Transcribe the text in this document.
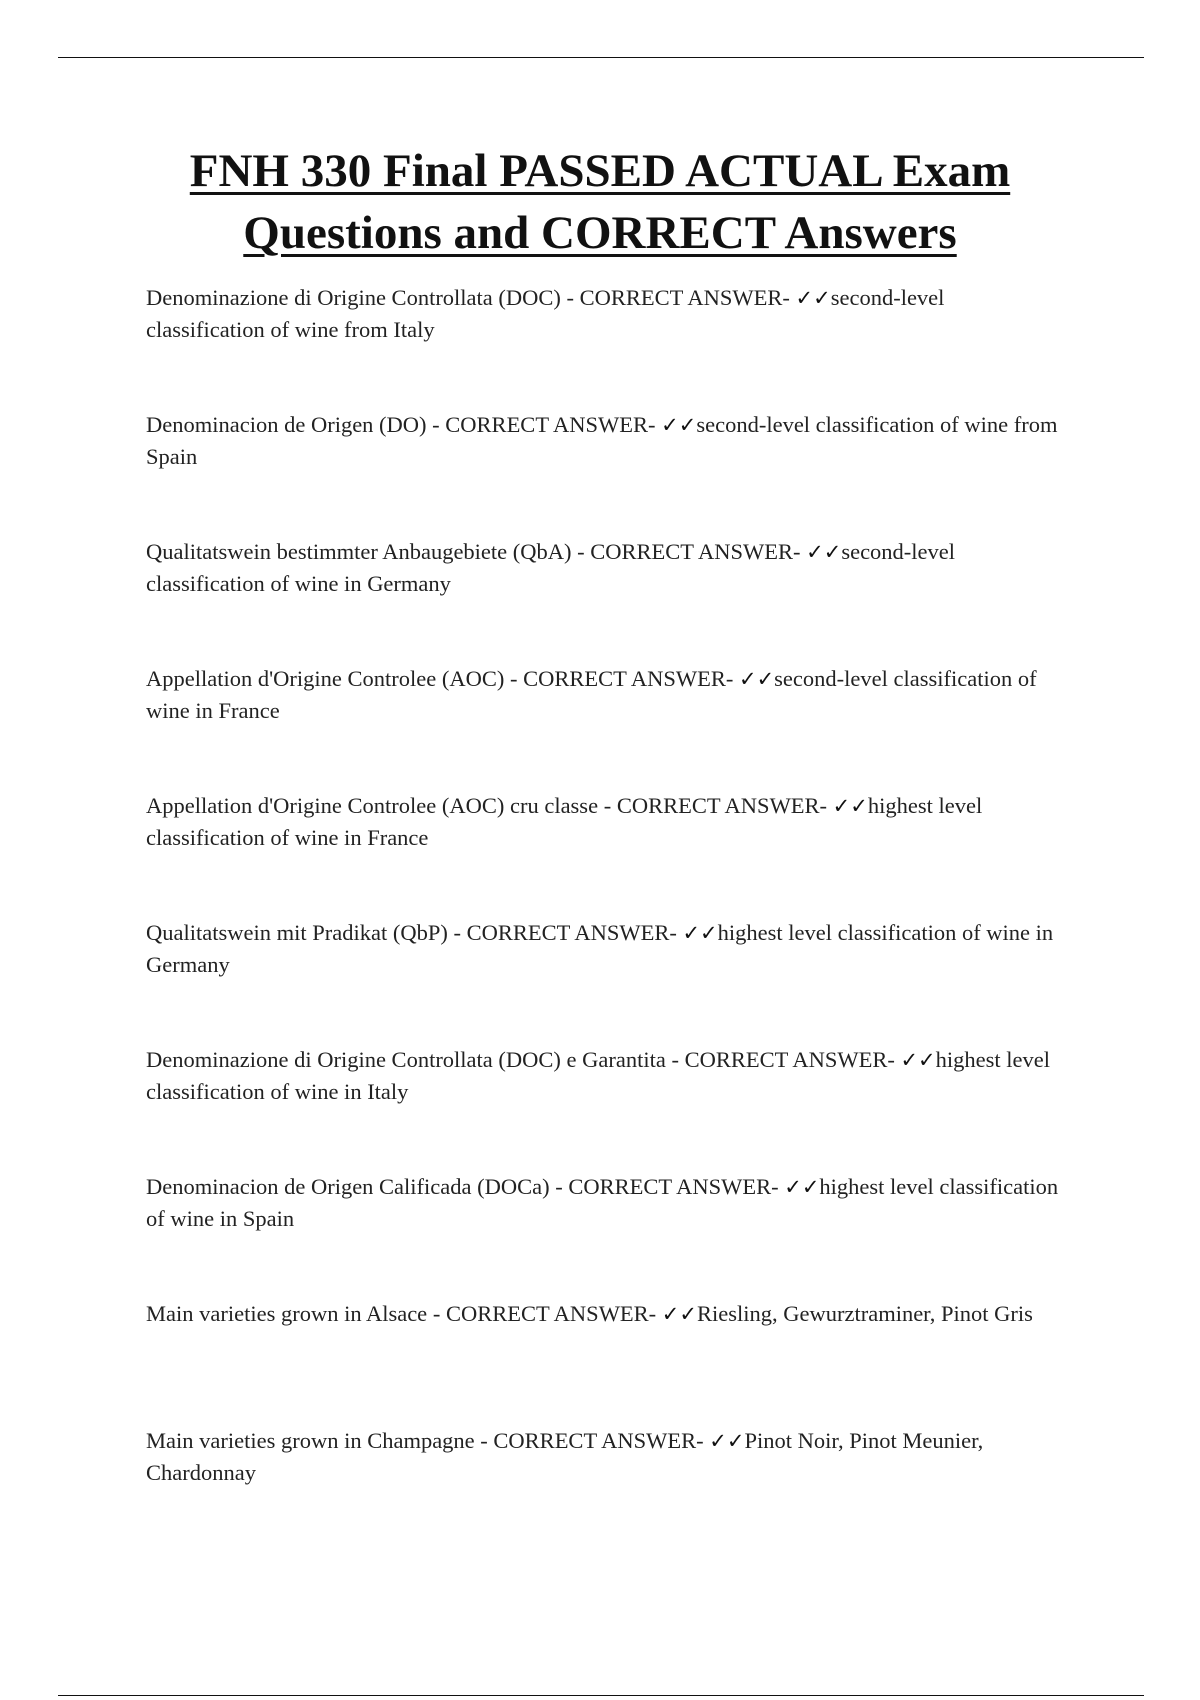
FNH 330 Final PASSED ACTUAL Exam
Questions and CORRECT Answers
Denominazione di Origine Controllata (DOC) - CORRECT ANSWER- ✓✓second-level classification of wine from Italy
Denominacion de Origen (DO) - CORRECT ANSWER- ✓✓second-level classification of wine from Spain
Qualitatswein bestimmter Anbaugebiete (QbA) - CORRECT ANSWER- ✓✓second-level classification of wine in Germany
Appellation d'Origine Controlee (AOC) - CORRECT ANSWER- ✓✓second-level classification of wine in France
Appellation d'Origine Controlee (AOC) cru classe - CORRECT ANSWER- ✓✓highest level classification of wine in France
Qualitatswein mit Pradikat (QbP) - CORRECT ANSWER- ✓✓highest level classification of wine in Germany
Denominazione di Origine Controllata (DOC) e Garantita - CORRECT ANSWER- ✓✓highest level classification of wine in Italy
Denominacion de Origen Calificada (DOCa) - CORRECT ANSWER- ✓✓highest level classification of wine in Spain
Main varieties grown in Alsace - CORRECT ANSWER- ✓✓Riesling, Gewurztraminer, Pinot Gris
Main varieties grown in Champagne - CORRECT ANSWER- ✓✓Pinot Noir, Pinot Meunier, Chardonnay
